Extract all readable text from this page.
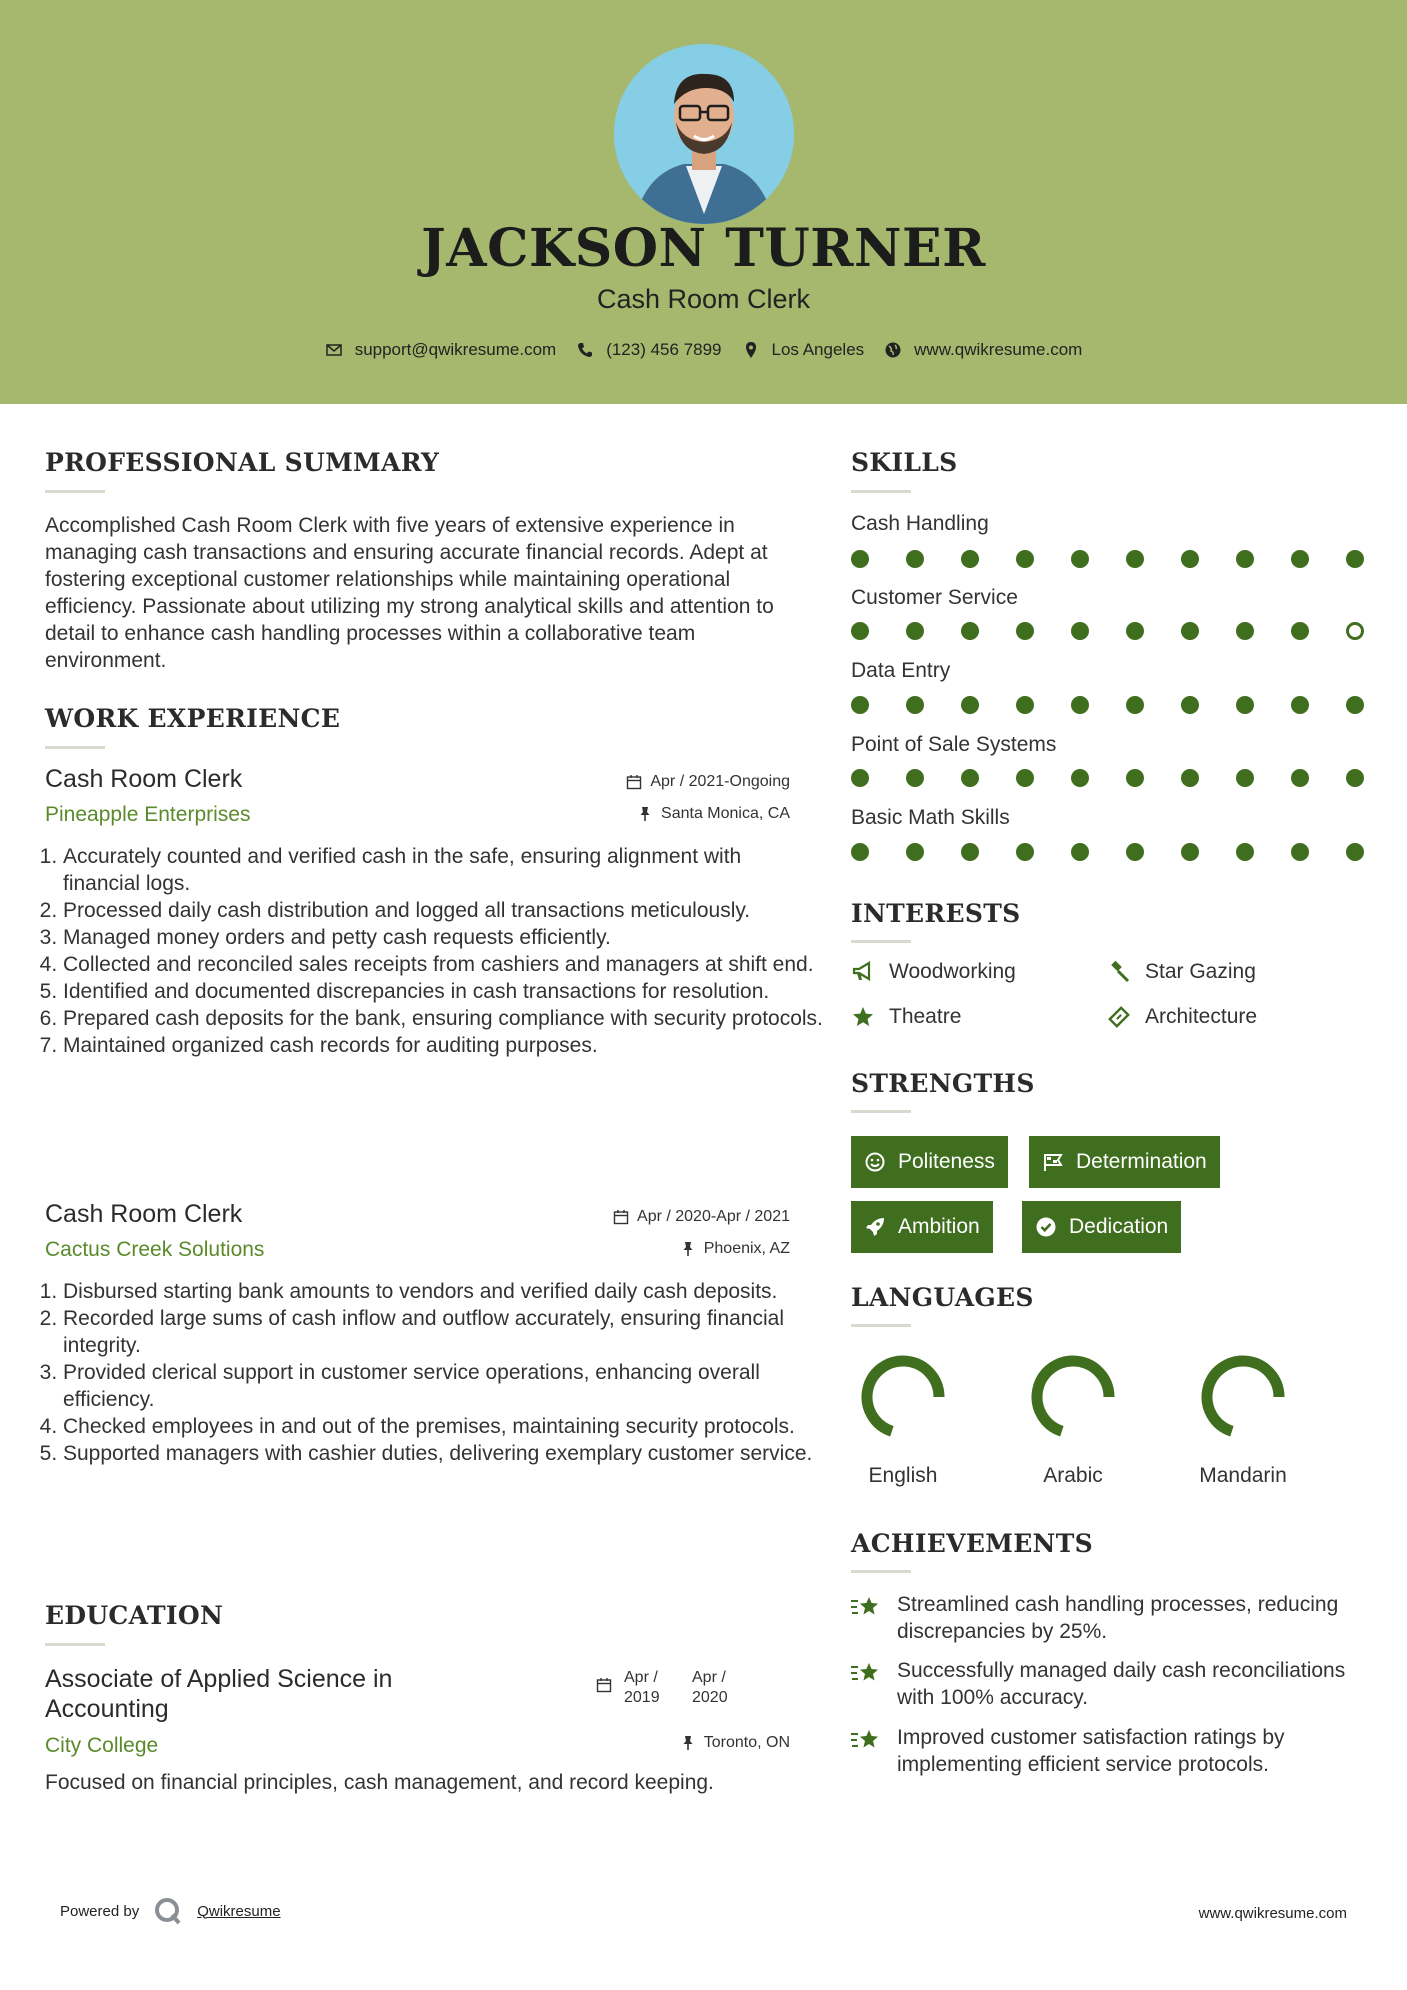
JACKSON TURNER
Cash Room Clerk
support@qwikresume.com	(123) 456 7899	Los Angeles	www.qwikresume.com
PROFESSIONAL SUMMARY
Accomplished Cash Room Clerk with five years of extensive experience in managing cash transactions and ensuring accurate financial records. Adept at fostering exceptional customer relationships while maintaining operational efficiency. Passionate about utilizing my strong analytical skills and attention to detail to enhance cash handling processes within a collaborative team environment.
WORK EXPERIENCE
Cash Room Clerk
Pineapple Enterprises
Apr / 2021-Ongoing
Santa Monica, CA
1. Accurately counted and verified cash in the safe, ensuring alignment with financial logs.
2. Processed daily cash distribution and logged all transactions meticulously.
3. Managed money orders and petty cash requests efficiently.
4. Collected and reconciled sales receipts from cashiers and managers at shift end.
5. Identified and documented discrepancies in cash transactions for resolution.
6. Prepared cash deposits for the bank, ensuring compliance with security protocols.
7. Maintained organized cash records for auditing purposes.
Cash Room Clerk
Cactus Creek Solutions
Apr / 2020-Apr / 2021
Phoenix, AZ
1. Disbursed starting bank amounts to vendors and verified daily cash deposits.
2. Recorded large sums of cash inflow and outflow accurately, ensuring financial integrity.
3. Provided clerical support in customer service operations, enhancing overall efficiency.
4. Checked employees in and out of the premises, maintaining security protocols.
5. Supported managers with cashier duties, delivering exemplary customer service.
EDUCATION
Associate of Applied Science in Accounting
Apr / 2019
Apr / 2020
City College	Toronto, ON
Focused on financial principles, cash management, and record keeping.
SKILLS
Cash Handling
Customer Service
Data Entry
Point of Sale Systems
Basic Math Skills
INTERESTS
Woodworking	Star Gazing
Theatre	Architecture
STRENGTHS
Politeness	Determination
Ambition	Dedication
LANGUAGES
English	Arabic	Mandarin
ACHIEVEMENTS
Streamlined cash handling processes, reducing discrepancies by 25%.
Successfully managed daily cash reconciliations with 100% accuracy.
Improved customer satisfaction ratings by implementing efficient service protocols.
Powered by	Qwikresume	www.qwikresume.com
